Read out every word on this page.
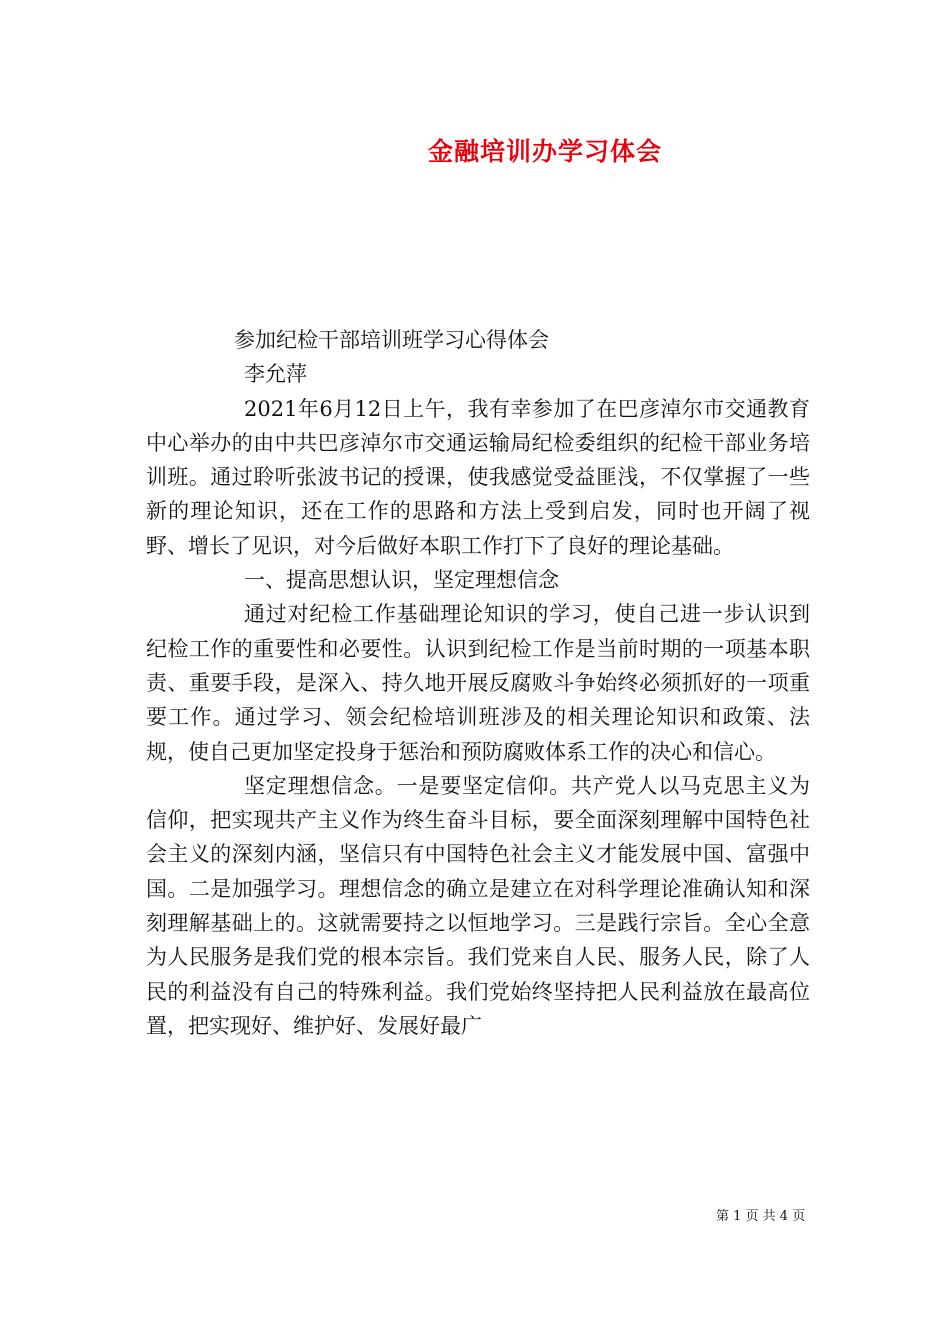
金融培训办学习体会

参加纪检干部培训班学习心得体会

李允萍

2021年6月12日上午，我有幸参加了在巴彦淖尔市交通教育中心举办的由中共巴彦淖尔市交通运输局纪检委组织的纪检干部业务培训班。通过聆听张波书记的授课，使我感觉受益匪浅，不仅掌握了一些新的理论知识，还在工作的思路和方法上受到启发，同时也开阔了视野、增长了见识，对今后做好本职工作打下了良好的理论基础。

一、提高思想认识，坚定理想信念

通过对纪检工作基础理论知识的学习，使自己进一步认识到纪检工作的重要性和必要性。认识到纪检工作是当前时期的一项基本职责、重要手段，是深入、持久地开展反腐败斗争始终必须抓好的一项重要工作。通过学习、领会纪检培训班涉及的相关理论知识和政策、法规，使自己更加坚定投身于惩治和预防腐败体系工作的决心和信心。

坚定理想信念。一是要坚定信仰。共产党人以马克思主义为信仰，把实现共产主义作为终生奋斗目标，要全面深刻理解中国特色社会主义的深刻内涵，坚信只有中国特色社会主义才能发展中国、富强中国。二是加强学习。理想信念的确立是建立在对科学理论准确认知和深刻理解基础上的。这就需要持之以恒地学习。三是践行宗旨。全心全意为人民服务是我们党的根本宗旨。我们党来自人民、服务人民，除了人民的利益没有自己的特殊利益。我们党始终坚持把人民利益放在最高位置，把实现好、维护好、发展好最广

第 1 页 共 4 页
